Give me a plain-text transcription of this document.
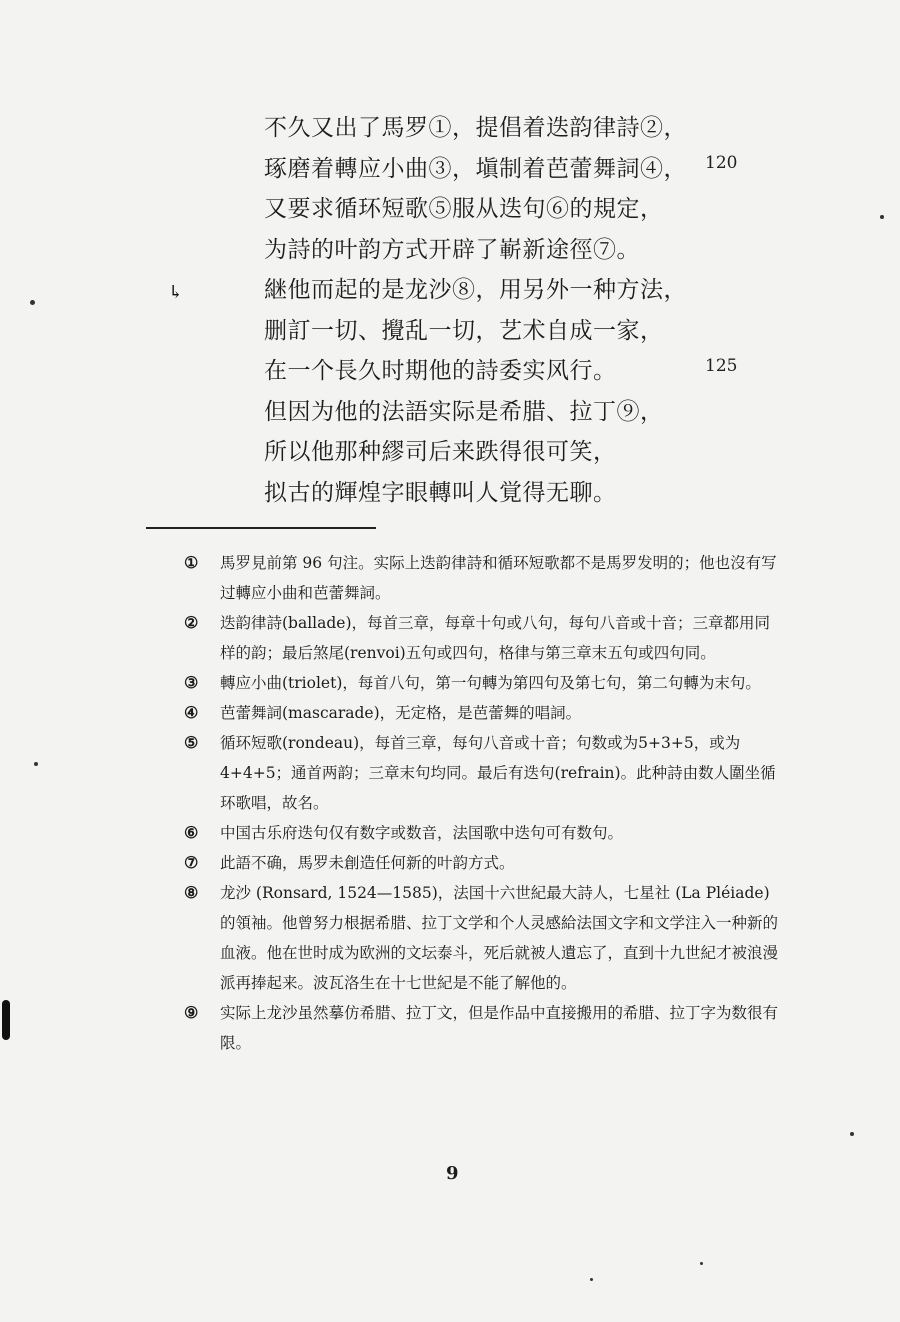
↳
不久又出了馬罗①，提倡着迭韵律詩②，
琢磨着轉应小曲③，塡制着芭蕾舞詞④，
又要求循环短歌⑤服从迭句⑥的規定，
为詩的叶韵方式开辟了嶄新途徑⑦。
継他而起的是龙沙⑧，用另外一种方法，
删訂一切、攪乱一切，艺术自成一家，
在一个長久时期他的詩委实风行。
但因为他的法語实际是希腊、拉丁⑨，
所以他那种繆司后来跌得很可笑，
拟古的輝煌字眼轉叫人覚得无聊。
120
125
① 馬罗見前第 96 句注。实际上迭韵律詩和循环短歌都不是馬罗发明的；他也沒有写过轉应小曲和芭蕾舞詞。
② 迭韵律詩(ballade)，每首三章，每章十句或八句，每句八音或十音；三章都用同样的韵；最后煞尾(renvoi)五句或四句，格律与第三章末五句或四句同。
③ 轉应小曲(triolet)，每首八句，第一句轉为第四句及第七句，第二句轉为末句。
④ 芭蕾舞詞(mascarade)，无定格，是芭蕾舞的唱詞。
⑤ 循环短歌(rondeau)，每首三章，每句八音或十音；句数或为5+3+5，或为 4+4+5；通首两韵；三章末句均同。最后有迭句(refrain)。此种詩由数人圍坐循环歌唱，故名。
⑥ 中国古乐府迭句仅有数字或数音，法国歌中迭句可有数句。
⑦ 此語不确，馬罗未創造任何新的叶韵方式。
⑧ 龙沙 (Ronsard, 1524—1585)，法国十六世紀最大詩人，七星社 (La Pléiade) 的領袖。他曾努力根据希腊、拉丁文学和个人灵感給法国文字和文学注入一种新的血液。他在世时成为欧洲的文坛泰斗，死后就被人遺忘了，直到十九世紀才被浪漫派再捧起来。波瓦洛生在十七世紀是不能了解他的。
⑨ 实际上龙沙虽然摹仿希腊、拉丁文，但是作品中直接搬用的希腊、拉丁字为数很有限。
9
